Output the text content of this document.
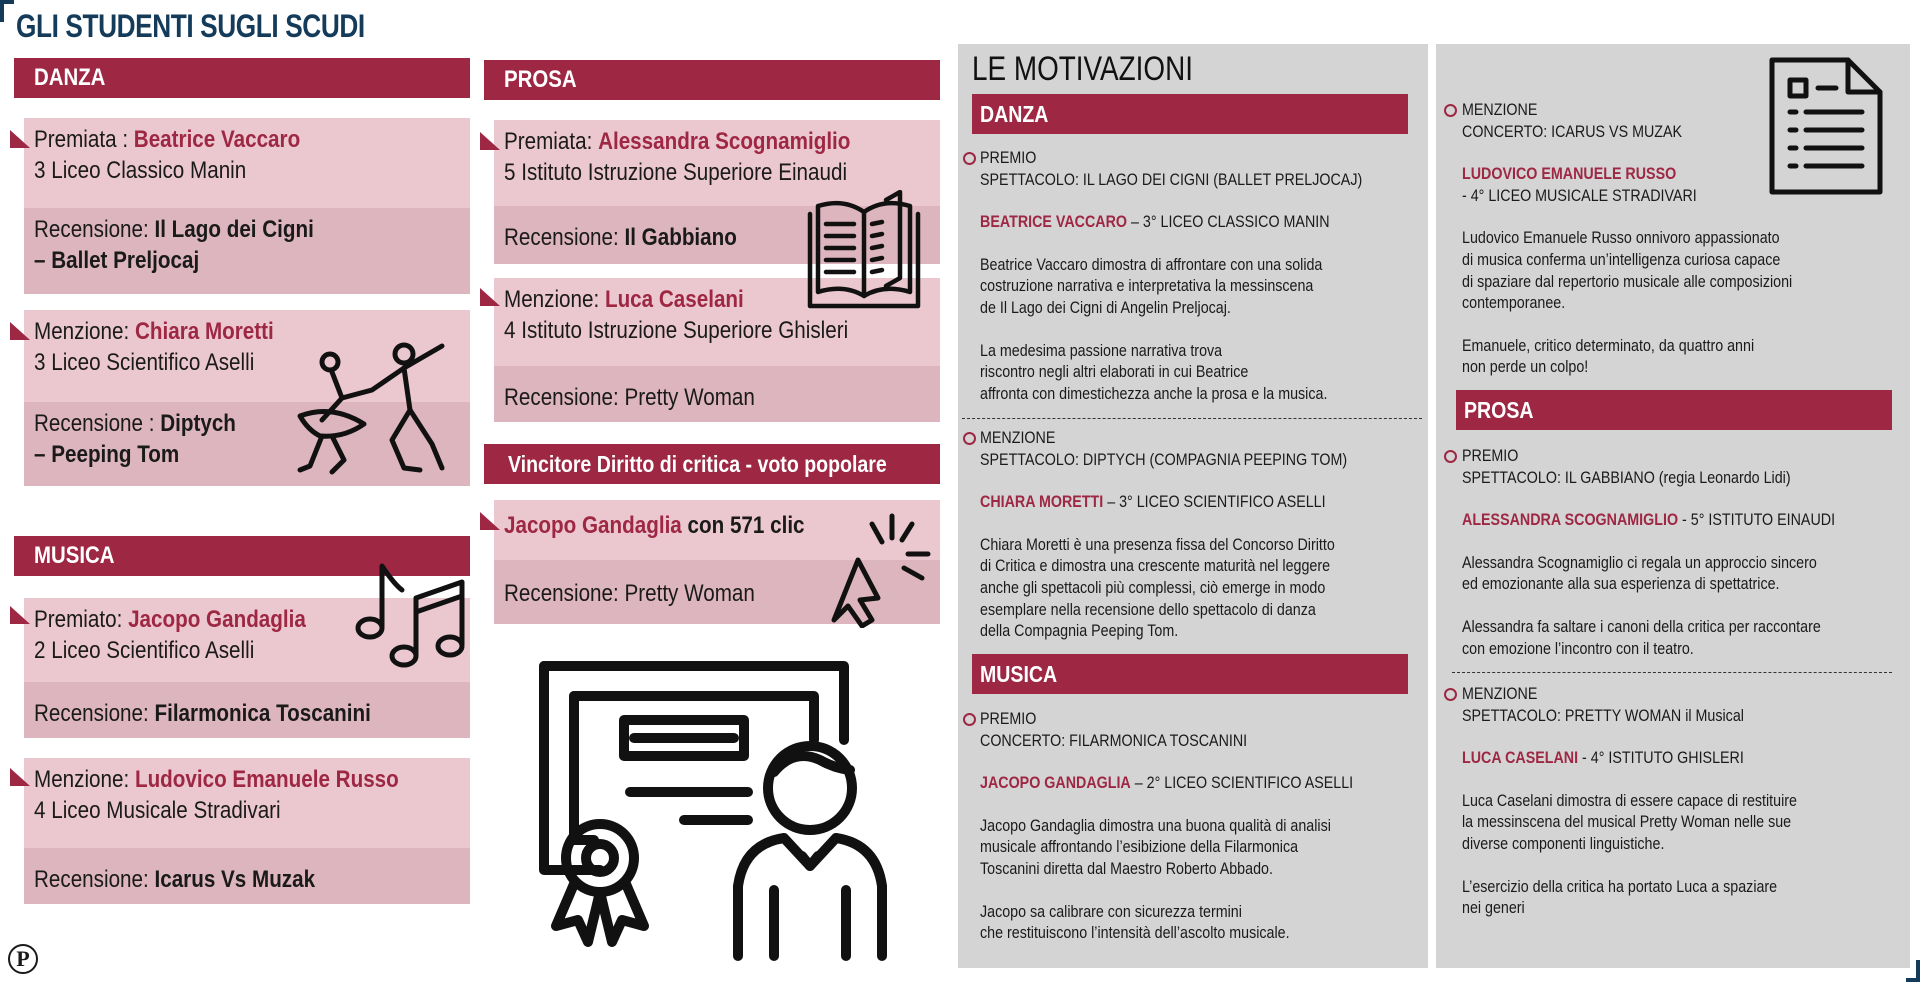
GLI STUDENTI SUGLI SCUDI
P
DANZA
Premiata : Beatrice Vaccaro
3 Liceo Classico Manin
Recensione: Il Lago dei Cigni
– Ballet Preljocaj
Menzione: Chiara Moretti
3 Liceo Scientifico Aselli
Recensione : Diptych
– Peeping Tom
MUSICA
Premiato: Jacopo Gandaglia
2 Liceo Scientifico Aselli
Recensione: Filarmonica Toscanini
Menzione: Ludovico Emanuele Russo
4 Liceo Musicale Stradivari
Recensione: Icarus Vs Muzak
PROSA
Premiata: Alessandra Scognamiglio
5 Istituto Istruzione Superiore Einaudi
Recensione: Il Gabbiano
Menzione: Luca Caselani
4 Istituto Istruzione Superiore Ghisleri
Recensione: Pretty Woman
Vincitore Diritto di critica - voto popolare
Jacopo Gandaglia con 571 clic
Recensione: Pretty Woman
LE MOTIVAZIONI
DANZA
PREMIO
SPETTACOLO: IL LAGO DEI CIGNI (BALLET PRELJOCAJ)
BEATRICE VACCARO – 3° LICEO CLASSICO MANIN
Beatrice Vaccaro dimostra di affrontare con una solida
costruzione narrativa e interpretativa la messinscena
de Il Lago dei Cigni di Angelin Preljocaj.
La medesima passione narrativa trova
riscontro negli altri elaborati in cui Beatrice
affronta con dimestichezza anche la prosa e la musica.
MENZIONE
SPETTACOLO: DIPTYCH (COMPAGNIA PEEPING TOM)
CHIARA MORETTI – 3° LICEO SCIENTIFICO ASELLI
Chiara Moretti è una presenza fissa del Concorso Diritto
di Critica e dimostra una crescente maturità nel leggere
anche gli spettacoli più complessi, ciò emerge in modo
esemplare nella recensione dello spettacolo di danza
della Compagnia Peeping Tom.
MUSICA
PREMIO
CONCERTO: FILARMONICA TOSCANINI
JACOPO GANDAGLIA – 2° LICEO SCIENTIFICO ASELLI
Jacopo Gandaglia dimostra una buona qualità di analisi
musicale affrontando l’esibizione della Filarmonica
Toscanini diretta dal Maestro Roberto Abbado.
Jacopo sa calibrare con sicurezza termini
che restituiscono l’intensità dell’ascolto musicale.
MENZIONE
CONCERTO: ICARUS VS MUZAK
LUDOVICO EMANUELE RUSSO
- 4° LICEO MUSICALE STRADIVARI
Ludovico Emanuele Russo onnivoro appassionato
di musica conferma un’intelligenza curiosa capace
di spaziare dal repertorio musicale alle composizioni
contemporanee.
Emanuele, critico determinato, da quattro anni
non perde un colpo!
PROSA
PREMIO
SPETTACOLO: IL GABBIANO (regia Leonardo Lidi)
ALESSANDRA SCOGNAMIGLIO - 5° ISTITUTO EINAUDI
Alessandra Scognamiglio ci regala un approccio sincero
ed emozionante alla sua esperienza di spettatrice.
Alessandra fa saltare i canoni della critica per raccontare
con emozione l’incontro con il teatro.
MENZIONE
SPETTACOLO: PRETTY WOMAN il Musical
LUCA CASELANI - 4° ISTITUTO GHISLERI
Luca Caselani dimostra di essere capace di restituire
la messinscena del musical Pretty Woman nelle sue
diverse componenti linguistiche.
L’esercizio della critica ha portato Luca a spaziare
nei generi
